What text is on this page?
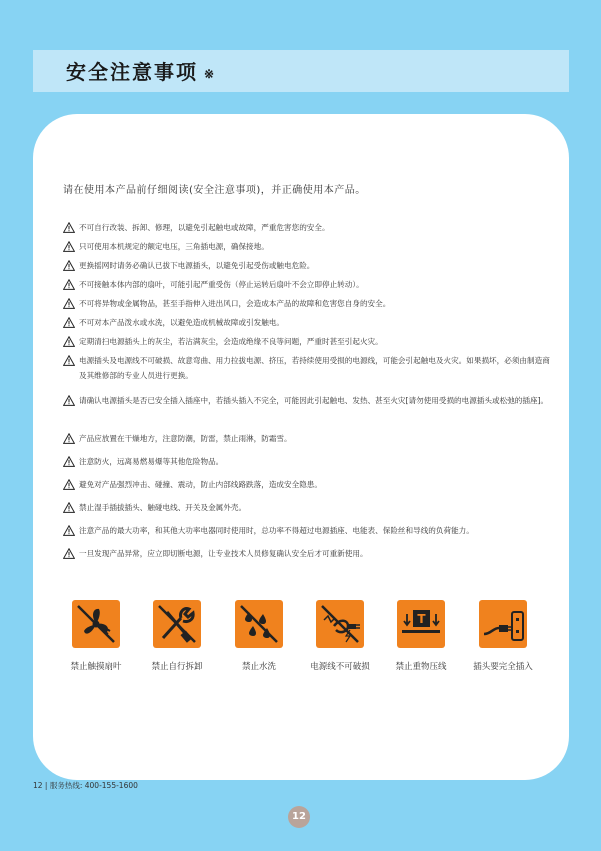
安全注意事项 ※
请在使用本产品前仔细阅读(安全注意事项)，并正确使用本产品。
不可自行改装、拆卸、修理，以避免引起触电或故障，严重危害您的安全。
只可使用本机规定的额定电压，三角插电源，确保接地。
更换摇网时请务必确认已拔下电源插头，以避免引起受伤或触电危险。
不可接触本体内部的扇叶，可能引起严重受伤（停止运转后扇叶不会立即停止转动）。
不可将异物或金属物品，甚至手指伸入进出风口，会造成本产品的故障和危害您自身的安全。
不可对本产品泼水或水洗，以避免造成机械故障或引发触电。
定期清扫电源插头上的灰尘，若沾满灰尘，会造成绝缘不良等问题，严重时甚至引起火灾。
电源插头及电源线不可破损、故意弯曲、用力拉拔电源、挤压，若持续使用受损的电源线，可能会引起触电及火灾。如果损坏，必须由制造商及其维修部的专业人员进行更换。
请确认电源插头是否已安全插入插座中，若插头插入不完全，可能因此引起触电、发热、甚至火灾[请勿使用受损的电源插头或松弛的插座]。
产品应放置在干燥地方，注意防潮，防雷，禁止雨淋，防霜雪。
注意防火，远离易燃易爆等其他危险物品。
避免对产品强烈冲击、碰撞、震动，防止内部线路跌落，造成安全隐患。
禁止湿手插拔插头、触碰电线、开关及金属外壳。
注意产品的最大功率，和其他大功率电器同时使用时，总功率不得超过电源插座、电能表、保险丝和导线的负荷能力。
一旦发现产品异常，应立即切断电源，让专业技术人员修复确认安全后才可重新使用。
禁止触摸扇叶	禁止自行拆卸	禁止水洗	电源线不可破损
T
禁止重物压线	插头要完全插入
12 | 服务热线: 400-155-1600
12
